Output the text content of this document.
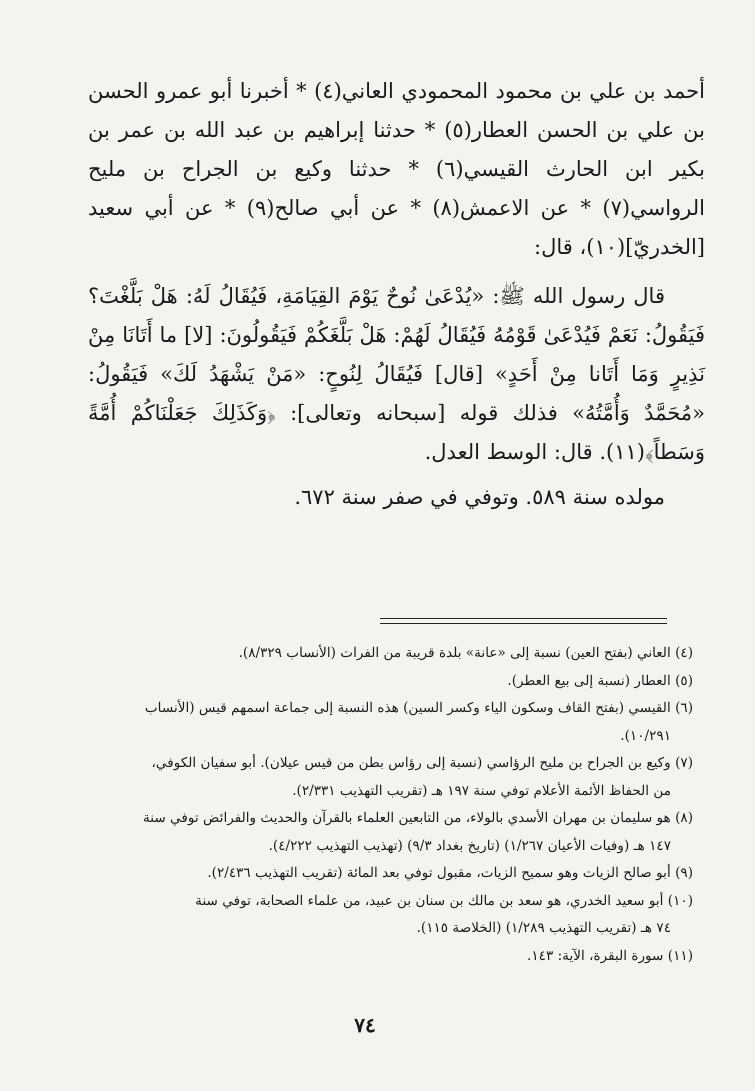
أحمد بن علي بن محمود المحمودي العاني(٤) * أخبرنا أبو عمرو الحسن بن علي بن الحسن العطار(٥) * حدثنا إبراهيم بن عبد الله بن عمر بن بكير ابن الحارث القيسي(٦) * حدثنا وكيع بن الجراح بن مليح الرواسي(٧) * عن الاعمش(٨) * عن أبي صالح(٩) * عن أبي سعيد [الخدريّ](١٠)، قال:

قال رسول الله ﷺ: «يُدْعَىٰ نُوحٌ يَوْمَ القِيَامَةِ، فَيُقَالُ لَهُ: هَلْ بَلَّغْتَ؟ فَيَقُولُ: نَعَمْ فَيُدْعَىٰ قَوْمُهُ فَيُقَالُ لَهُمْ: هَلْ بَلَّغَكُمْ فَيَقُولُونَ: [لا] ما أَتَانَا مِنْ نَذِيرٍ وَمَا أَتَانا مِنْ أَحَدٍ» [قال] فَيُقَالُ لِنُوحٍ: «مَنْ يَشْهَدُ لَكَ» فَيَقُولُ: «مُحَمَّدٌ وَأُمَّتُهُ» فذلك قوله [سبحانه وتعالى]: ﴿وَكَذَلِكَ جَعَلْنَاكُمْ أُمَّةً وَسَطاً﴾(١١). قال: الوسط العدل.

مولده سنة ٥٨٩. وتوفي في صفر سنة ٦٧٢.

(٤) العاني (بفتح العين) نسبة إلى «عانة» بلدة قريبة من الفرات (الأنساب ٨/٣٢٩).

(٥) العطار (نسبة إلى بيع العطر).

(٦) القيسي (بفتح القاف وسكون الياء وكسر السين) هذه النسبة إلى جماعة اسمهم قيس (الأنساب
١٠/٢٩١).

(٧) وكيع بن الجراح بن مليح الرؤاسي (نسبة إلى رؤاس بطن من قيس عيلان). أبو سفيان الكوفي،
من الحفاظ الأئمة الأعلام توفي سنة ١٩٧ هـ (تقريب التهذيب ٢/٣٣١).

(٨) هو سليمان بن مهران الأسدي بالولاء، من التابعين العلماء بالقرآن والحديث والفرائض توفي سنة
١٤٧ هـ (وفيات الأعيان ١/٢٦٧) (تاريخ بغداد ٩/٣) (تهذيب التهذيب ٤/٢٢٢).

(٩) أبو صالح الزيات وهو سميح الزيات، مقبول توفي بعد المائة (تقريب التهذيب ٢/٤٣٦).

(١٠) أبو سعيد الخدري، هو سعد بن مالك بن سنان بن عبيد، من علماء الصحابة، توفي سنة
٧٤ هـ (تقريب التهذيب ١/٢٨٩) (الخلاصة ١١٥).

(١١) سورة البقرة، الآية: ١٤٣.

٧٤
